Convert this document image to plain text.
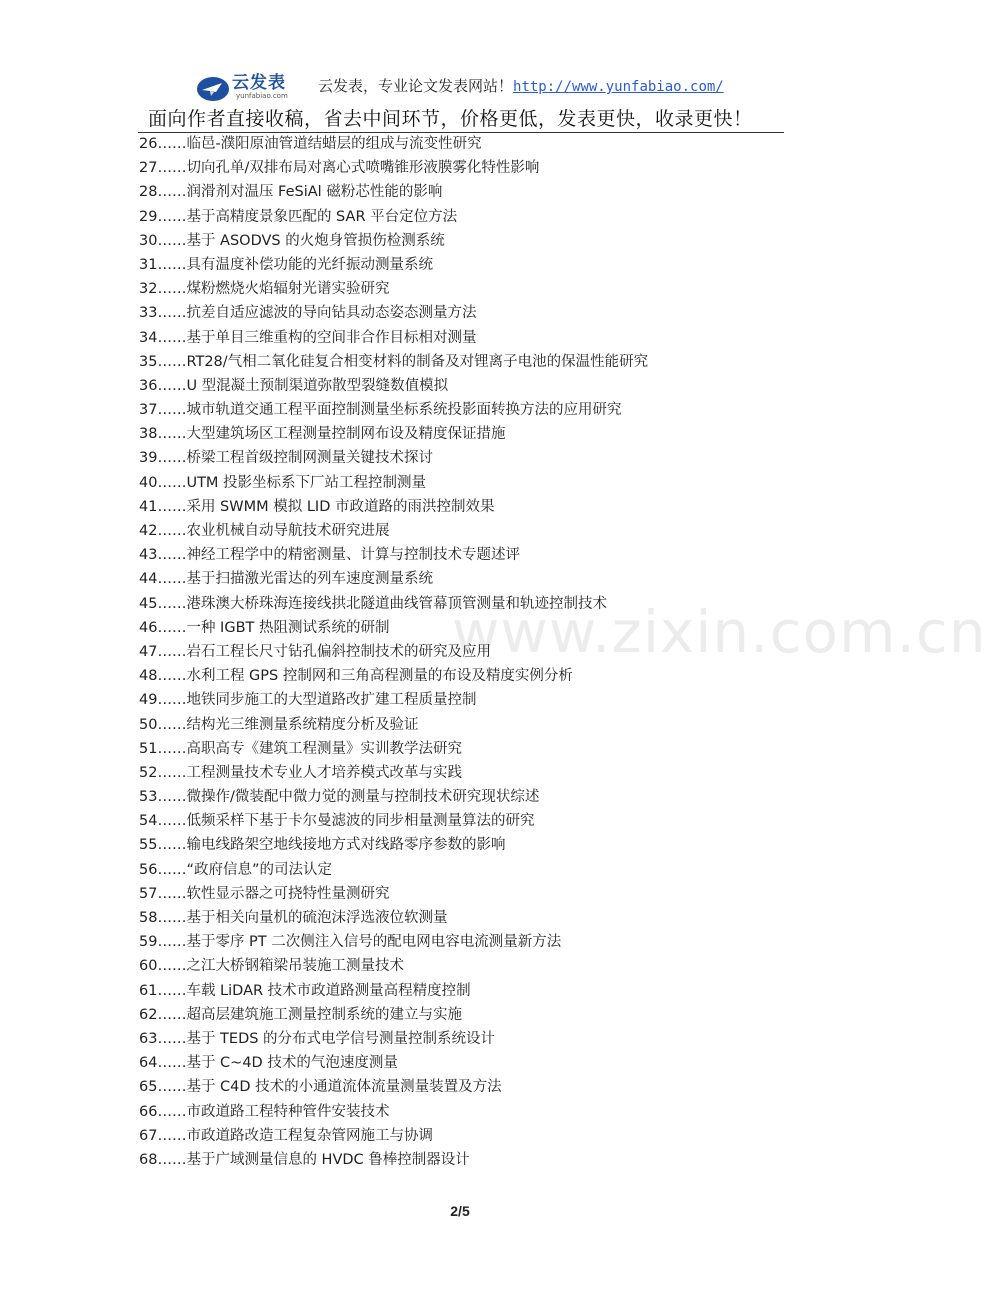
云发表
yunfabiao.com
云发表，专业论文发表网站！http://www.yunfabiao.com/
面向作者直接收稿，省去中间环节，价格更低，发表更快，收录更快！
www.zixin.com.cn
26……临邑-濮阳原油管道结蜡层的组成与流变性研究
27……切向孔单/双排布局对离心式喷嘴锥形液膜雾化特性影响
28……润滑剂对温压 FeSiAl 磁粉芯性能的影响
29……基于高精度景象匹配的 SAR 平台定位方法
30……基于 ASODVS 的火炮身管损伤检测系统
31……具有温度补偿功能的光纤振动测量系统
32……煤粉燃烧火焰辐射光谱实验研究
33……抗差自适应滤波的导向钻具动态姿态测量方法
34……基于单目三维重构的空间非合作目标相对测量
35……RT28/气相二氧化硅复合相变材料的制备及对锂离子电池的保温性能研究
36……U 型混凝土预制渠道弥散型裂缝数值模拟
37……城市轨道交通工程平面控制测量坐标系统投影面转换方法的应用研究
38……大型建筑场区工程测量控制网布设及精度保证措施
39……桥梁工程首级控制网测量关键技术探讨
40……UTM 投影坐标系下厂站工程控制测量
41……采用 SWMM 模拟 LID 市政道路的雨洪控制效果
42……农业机械自动导航技术研究进展
43……神经工程学中的精密测量、计算与控制技术专题述评
44……基于扫描激光雷达的列车速度测量系统
45……港珠澳大桥珠海连接线拱北隧道曲线管幕顶管测量和轨迹控制技术
46……一种 IGBT 热阻测试系统的研制
47……岩石工程长尺寸钻孔偏斜控制技术的研究及应用
48……水利工程 GPS 控制网和三角高程测量的布设及精度实例分析
49……地铁同步施工的大型道路改扩建工程质量控制
50……结构光三维测量系统精度分析及验证
51……高职高专《建筑工程测量》实训教学法研究
52……工程测量技术专业人才培养模式改革与实践
53……微操作/微装配中微力觉的测量与控制技术研究现状综述
54……低频采样下基于卡尔曼滤波的同步相量测量算法的研究
55……输电线路架空地线接地方式对线路零序参数的影响
56……“政府信息”的司法认定
57……软性显示器之可挠特性量测研究
58……基于相关向量机的硫泡沫浮选液位软测量
59……基于零序 PT 二次侧注入信号的配电网电容电流测量新方法
60……之江大桥钢箱梁吊装施工测量技术
61……车载 LiDAR 技术市政道路测量高程精度控制
62……超高层建筑施工测量控制系统的建立与实施
63……基于 TEDS 的分布式电学信号测量控制系统设计
64……基于 C~4D 技术的气泡速度测量
65……基于 C4D 技术的小通道流体流量测量装置及方法
66……市政道路工程特种管件安装技术
67……市政道路改造工程复杂管网施工与协调
68……基于广域测量信息的 HVDC 鲁棒控制器设计
2/5
